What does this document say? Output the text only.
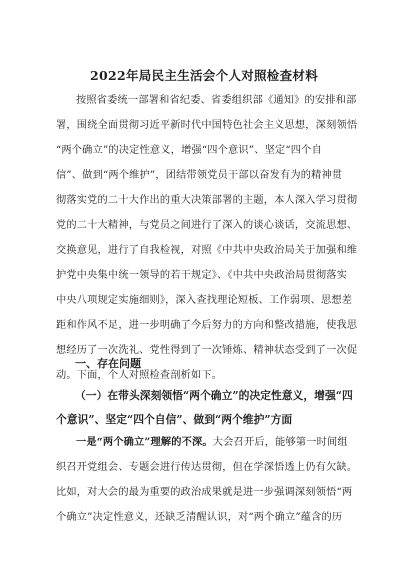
2022年局民主生活会个人对照检查材料
按照省委统一部署和省纪委、省委组织部《通知》的安排和部
署，围绕全面贯彻习近平新时代中国特色社会主义思想，深刻领悟
“两个确立”的决定性意义，增强“四个意识”、坚定“四个自
信”、做到“两个维护”，团结带领党员干部以奋发有为的精神贯
彻落实党的二十大作出的重大决策部署的主题，本人深入学习贯彻
党的二十大精神，与党员之间进行了深入的谈心谈话，交流思想、
交换意见，进行了自我检视，对照《中共中央政治局关于加强和维
护党中央集中统一领导的若干规定》、《中共中央政治局贯彻落实
中央八项规定实施细则》，深入查找理论短板、工作弱项、思想差
距和作风不足，进一步明确了今后努力的方向和整改措施，使我思
想经历了一次洗礼、党性得到了一次锤炼、精神状态受到了一次促
动。下面，个人对照检查剖析如下。
一、存在问题
（一）在带头深刻领悟“两个确立”的决定性意义，增强“四
个意识”、坚定“四个自信”、做到“两个维护”方面
一是“两个确立”理解的不深。大会召开后，能够第一时间组
织召开党组会、专题会进行传达贯彻，但在学深悟透上仍有欠缺。
比如，对大会的最为重要的政治成果就是进一步强调深刻领悟“两
个确立”决定性意义，还缺乏清醒认识，对“两个确立”蕴含的历
